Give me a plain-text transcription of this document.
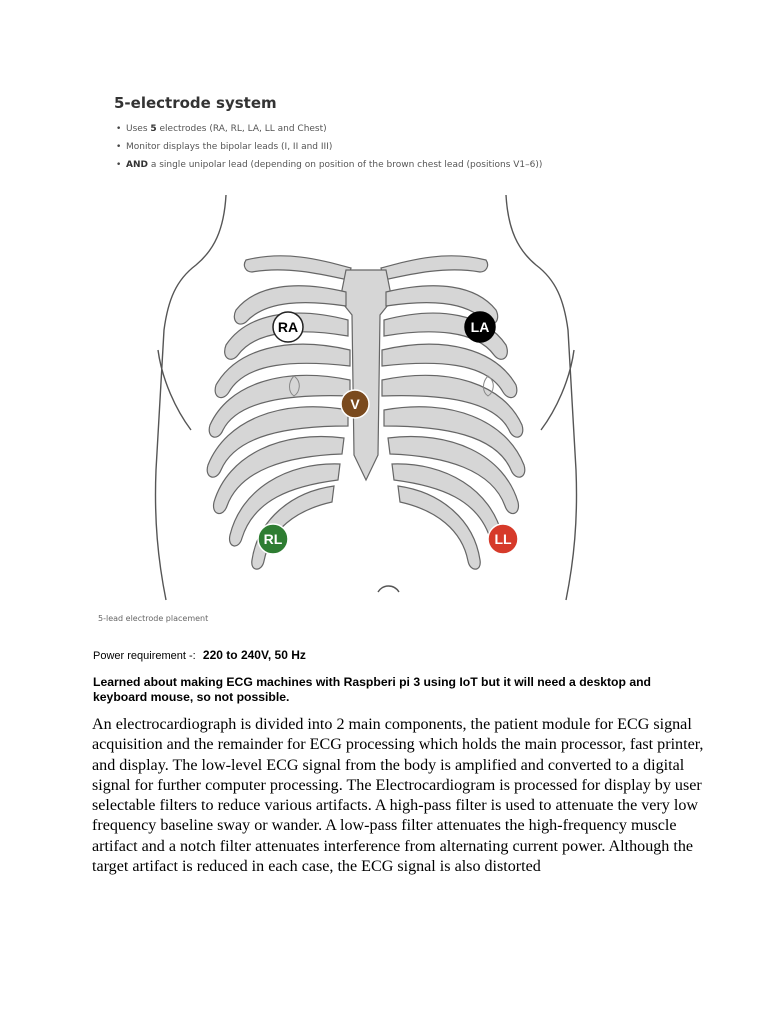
5-electrode system
• Uses 5 electrodes (RA, RL, LA, LL and Chest)
• Monitor displays the bipolar leads (I, II and III)
• AND a single unipolar lead (depending on position of the brown chest lead (positions V1–6))
RA	LA
V
RL	LL
5-lead electrode placement
Power requirement -: 220 to 240V, 50 Hz

Learned about making ECG machines with Raspberi pi 3 using IoT but it will need a desktop and keyboard mouse, so not possible.

An electrocardiograph is divided into 2 main components, the patient module for ECG signal acquisition and the remainder for ECG processing which holds the main processor, fast printer, and display. The low-level ECG signal from the body is amplified and converted to a digital signal for further computer processing. The Electrocardiogram is processed for display by user selectable filters to reduce various artifacts. A high-pass filter is used to attenuate the very low frequency baseline sway or wander. A low-pass filter attenuates the high-frequency muscle artifact and a notch filter attenuates interference from alternating current power. Although the target artifact is reduced in each case, the ECG signal is also distorted
